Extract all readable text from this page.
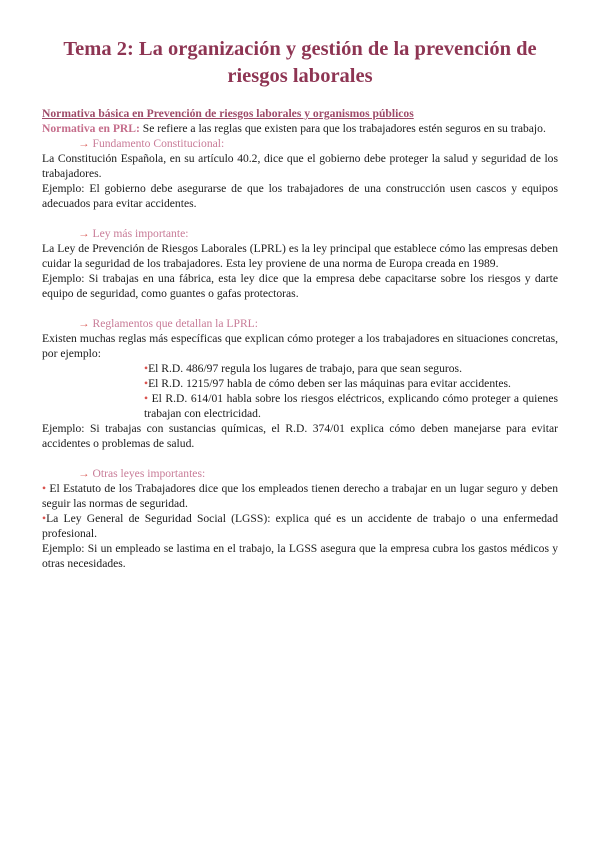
Tema 2: La organización y gestión de la prevención de riesgos laborales

Normativa básica en Prevención de riesgos laborales y organismos públicos

Normativa en PRL: Se refiere a las reglas que existen para que los trabajadores estén seguros en su trabajo.

→ Fundamento Constitucional:

La Constitución Española, en su artículo 40.2, dice que el gobierno debe proteger la salud y seguridad de los trabajadores.

Ejemplo: El gobierno debe asegurarse de que los trabajadores de una construcción usen cascos y equipos adecuados para evitar accidentes.

→ Ley más importante:

La Ley de Prevención de Riesgos Laborales (LPRL) es la ley principal que establece cómo las empresas deben cuidar la seguridad de los trabajadores. Esta ley proviene de una norma de Europa creada en 1989.

Ejemplo: Si trabajas en una fábrica, esta ley dice que la empresa debe capacitarse sobre los riesgos y darte equipo de seguridad, como guantes o gafas protectoras.

→ Reglamentos que detallan la LPRL:

Existen muchas reglas más específicas que explican cómo proteger a los trabajadores en situaciones concretas, por ejemplo:

•El R.D. 486/97 regula los lugares de trabajo, para que sean seguros.

•El R.D. 1215/97 habla de cómo deben ser las máquinas para evitar accidentes.

• El R.D. 614/01 habla sobre los riesgos eléctricos, explicando cómo proteger a quienes trabajan con electricidad.

Ejemplo: Si trabajas con sustancias químicas, el R.D. 374/01 explica cómo deben manejarse para evitar accidentes o problemas de salud.

→ Otras leyes importantes:

• El Estatuto de los Trabajadores dice que los empleados tienen derecho a trabajar en un lugar seguro y deben seguir las normas de seguridad.

•La Ley General de Seguridad Social (LGSS): explica qué es un accidente de trabajo o una enfermedad profesional.

Ejemplo: Si un empleado se lastima en el trabajo, la LGSS asegura que la empresa cubra los gastos médicos y otras necesidades.
